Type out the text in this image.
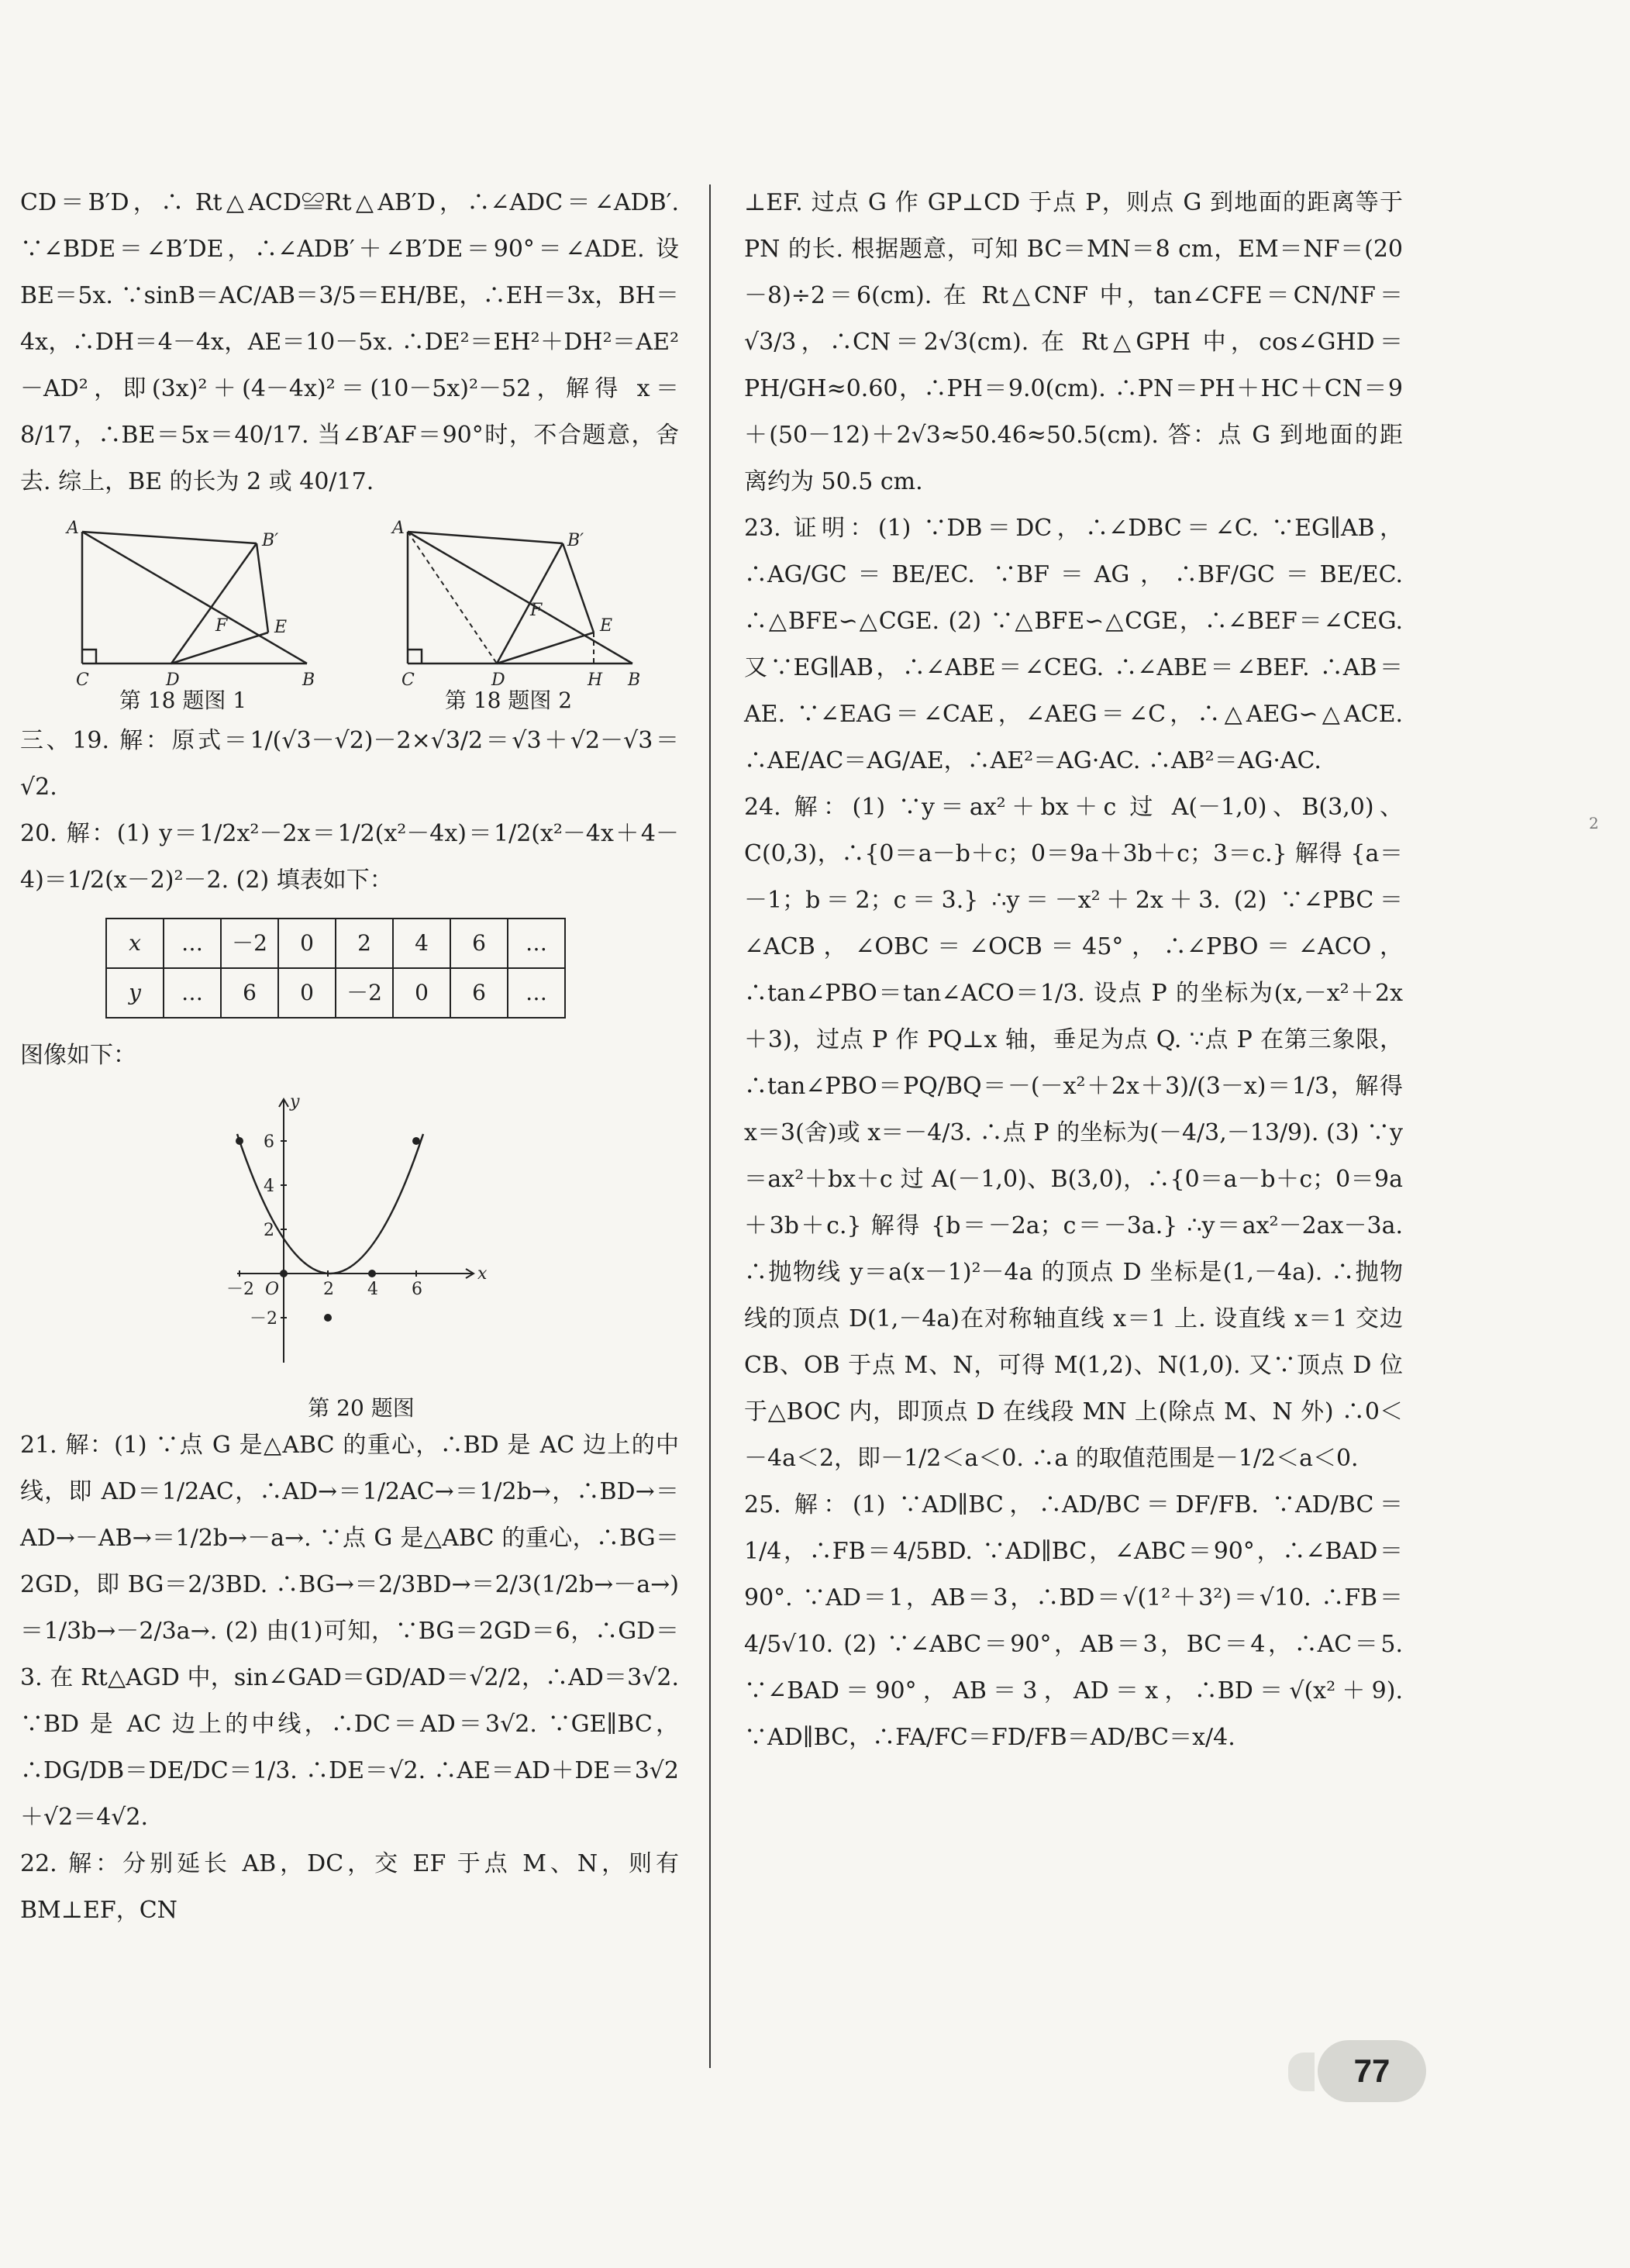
CD＝B′D，∴ Rt△ACD≌Rt△AB′D，∴∠ADC＝∠ADB′. ∵∠BDE＝∠B′DE，∴∠ADB′＋∠B′DE＝90°＝∠ADE. 设 BE＝5x. ∵sinB＝AC/AB＝3/5＝EH/BE，∴EH＝3x，BH＝4x，∴DH＝4－4x，AE＝10－5x. ∴DE²＝EH²＋DH²＝AE²－AD²，即(3x)²＋(4－4x)²＝(10－5x)²－52，解得 x＝8/17，∴BE＝5x＝40/17. 当∠B′AF＝90°时，不合题意，舍去. 综上，BE 的长为 2 或 40/17.

A
B′
F	E
C	D	B
第 18 题图 1
A
B′
F
E
C	D	H B
第 18 题图 2

三、19. 解：原式＝1/(√3－√2)－2×√3/2＝√3＋√2－√3＝√2.

20. 解：(1) y＝1/2x²－2x＝1/2(x²－4x)＝1/2(x²－4x＋4－4)＝1/2(x－2)²－2. (2) 填表如下：

x	…	－2	0	2	4	6	…
y	…	6	0	－2	0	6	…

图像如下：

y
x
O
6
4
2
－2
－2	2 4 6
第 20 题图

21. 解：(1) ∵点 G 是△ABC 的重心，∴BD 是 AC 边上的中线，即 AD＝1/2AC，∴AD→＝1/2AC→＝1/2b→，∴BD→＝AD→－AB→＝1/2b→－a→. ∵点 G 是△ABC 的重心，∴BG＝2GD，即 BG＝2/3BD. ∴BG→＝2/3BD→＝2/3(1/2b→－a→)＝1/3b→－2/3a→. (2) 由(1)可知，∵BG＝2GD＝6，∴GD＝3. 在 Rt△AGD 中，sin∠GAD＝GD/AD＝√2/2，∴AD＝3√2. ∵BD 是 AC 边上的中线，∴DC＝AD＝3√2. ∵GE∥BC，∴DG/DB＝DE/DC＝1/3. ∴DE＝√2. ∴AE＝AD＋DE＝3√2＋√2＝4√2.

22. 解：分别延长 AB，DC，交 EF 于点 M、N，则有 BM⊥EF，CN

⊥EF. 过点 G 作 GP⊥CD 于点 P，则点 G 到地面的距离等于 PN 的长. 根据题意，可知 BC＝MN＝8 cm，EM＝NF＝(20－8)÷2＝6(cm). 在 Rt△CNF 中，tan∠CFE＝CN/NF＝√3/3，∴CN＝2√3(cm). 在 Rt△GPH 中，cos∠GHD＝PH/GH≈0.60，∴PH＝9.0(cm). ∴PN＝PH＋HC＋CN＝9＋(50－12)＋2√3≈50.46≈50.5(cm). 答：点 G 到地面的距离约为 50.5 cm.

23. 证明：(1) ∵DB＝DC，∴∠DBC＝∠C. ∵EG∥AB，∴AG/GC＝BE/EC. ∵BF＝AG，∴BF/GC＝BE/EC. ∴△BFE∽△CGE. (2) ∵△BFE∽△CGE，∴∠BEF＝∠CEG. 又∵EG∥AB，∴∠ABE＝∠CEG. ∴∠ABE＝∠BEF. ∴AB＝AE. ∵∠EAG＝∠CAE，∠AEG＝∠C，∴△AEG∽△ACE. ∴AE/AC＝AG/AE，∴AE²＝AG·AC. ∴AB²＝AG·AC.

24. 解：(1) ∵y＝ax²＋bx＋c 过 A(－1,0)、B(3,0)、C(0,3)，∴{0＝a－b＋c；0＝9a＋3b＋c；3＝c.} 解得 {a＝－1；b＝2；c＝3.} ∴y＝－x²＋2x＋3. (2) ∵∠PBC＝∠ACB，∠OBC＝∠OCB＝45°，∴∠PBO＝∠ACO，∴tan∠PBO＝tan∠ACO＝1/3. 设点 P 的坐标为(x,－x²＋2x＋3)，过点 P 作 PQ⊥x 轴，垂足为点 Q. ∵点 P 在第三象限，∴tan∠PBO＝PQ/BQ＝－(－x²＋2x＋3)/(3－x)＝1/3，解得 x＝3(舍)或 x＝－4/3. ∴点 P 的坐标为(－4/3,－13/9). (3) ∵y＝ax²＋bx＋c 过 A(－1,0)、B(3,0)，∴{0＝a－b＋c；0＝9a＋3b＋c.} 解得 {b＝－2a；c＝－3a.} ∴y＝ax²－2ax－3a. ∴抛物线 y＝a(x－1)²－4a 的顶点 D 坐标是(1,－4a). ∴抛物线的顶点 D(1,－4a)在对称轴直线 x＝1 上. 设直线 x＝1 交边 CB、OB 于点 M、N，可得 M(1,2)、N(1,0). 又∵顶点 D 位于△BOC 内，即顶点 D 在线段 MN 上(除点 M、N 外) ∴0＜－4a＜2，即－1/2＜a＜0. ∴a 的取值范围是－1/2＜a＜0.

25. 解：(1) ∵AD∥BC，∴AD/BC＝DF/FB. ∵AD/BC＝1/4，∴FB＝4/5BD. ∵AD∥BC，∠ABC＝90°，∴∠BAD＝90°. ∵AD＝1，AB＝3，∴BD＝√(1²＋3²)＝√10. ∴FB＝4/5√10. (2) ∵∠ABC＝90°，AB＝3，BC＝4，∴AC＝5. ∵∠BAD＝90°，AB＝3，AD＝x，∴BD＝√(x²＋9). ∵AD∥BC，∴FA/FC＝FD/FB＝AD/BC＝x/4.

77
2
